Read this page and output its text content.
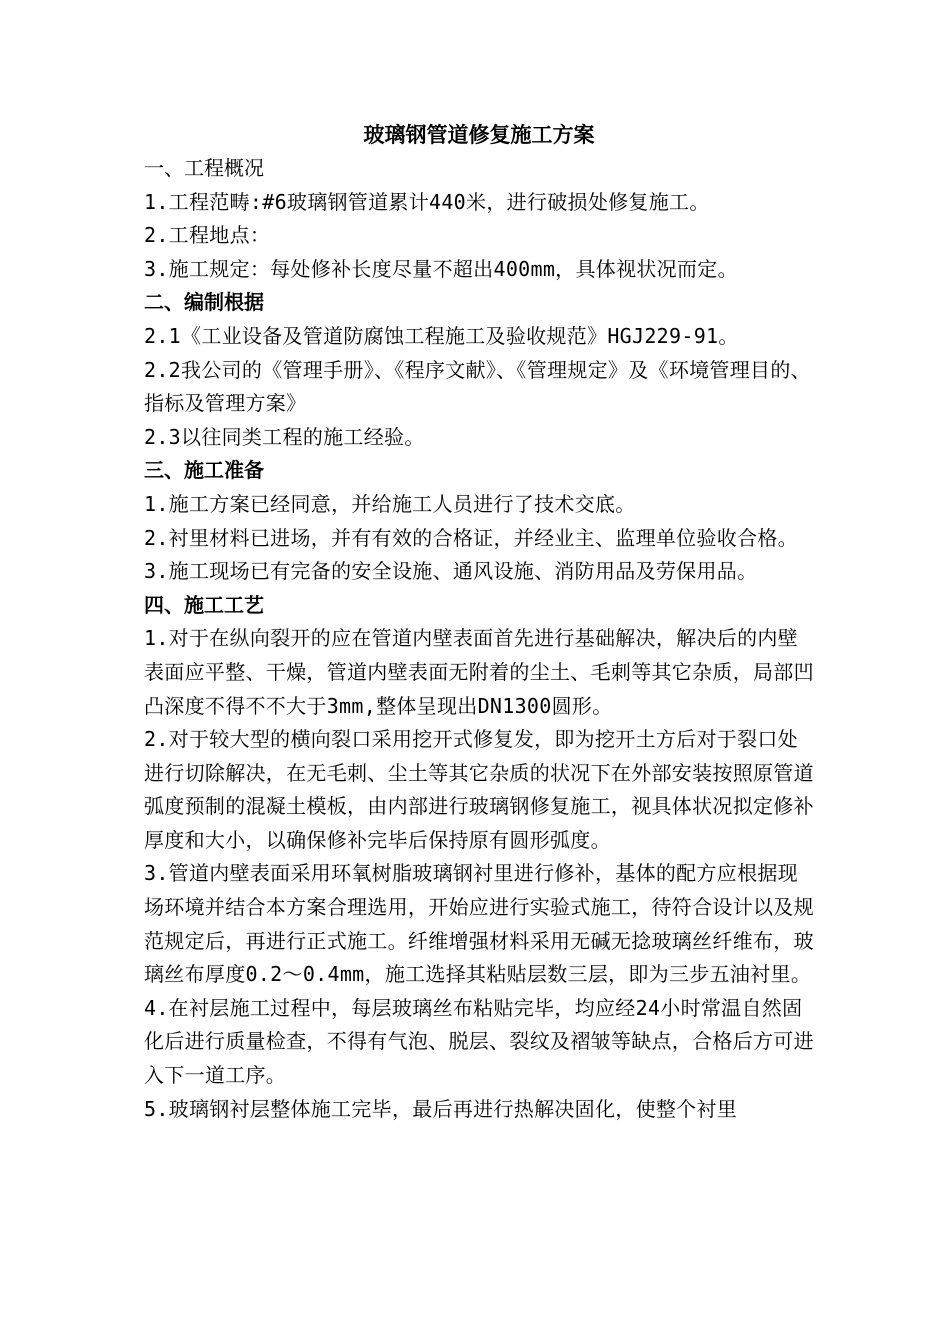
玻璃钢管道修复施工方案
一、工程概况

1.工程范畴:#6玻璃钢管道累计440米，进行破损处修复施工。

2.工程地点：

3.施工规定：每处修补长度尽量不超出400mm，具体视状况而定。

二、编制根据

2.1《工业设备及管道防腐蚀工程施工及验收规范》HGJ229-91。

2.2我公司的《管理手册》、《程序文献》、《管理规定》及《环境管理目的、指标及管理方案》

2.3以往同类工程的施工经验。

三、施工准备

1.施工方案已经同意，并给施工人员进行了技术交底。

2.衬里材料已进场，并有有效的合格证，并经业主、监理单位验收合格。

3.施工现场已有完备的安全设施、通风设施、消防用品及劳保用品。

四、施工工艺

1.对于在纵向裂开的应在管道内壁表面首先进行基础解决，解决后的内壁表面应平整、干燥，管道内壁表面无附着的尘土、毛刺等其它杂质，局部凹凸深度不得不不大于3mm,整体呈现出DN1300圆形。

2.对于较大型的横向裂口采用挖开式修复发，即为挖开土方后对于裂口处进行切除解决，在无毛刺、尘土等其它杂质的状况下在外部安装按照原管道弧度预制的混凝土模板，由内部进行玻璃钢修复施工，视具体状况拟定修补厚度和大小，以确保修补完毕后保持原有圆形弧度。

3.管道内壁表面采用环氧树脂玻璃钢衬里进行修补，基体的配方应根据现场环境并结合本方案合理选用，开始应进行实验式施工，待符合设计以及规范规定后，再进行正式施工。纤维增强材料采用无碱无捻玻璃丝纤维布，玻璃丝布厚度0.2～0.4mm，施工选择其粘贴层数三层，即为三步五油衬里。

4.在衬层施工过程中，每层玻璃丝布粘贴完毕，均应经24小时常温自然固化后进行质量检查，不得有气泡、脱层、裂纹及褶皱等缺点，合格后方可进入下一道工序。

5.玻璃钢衬层整体施工完毕，最后再进行热解决固化，使整个衬里
